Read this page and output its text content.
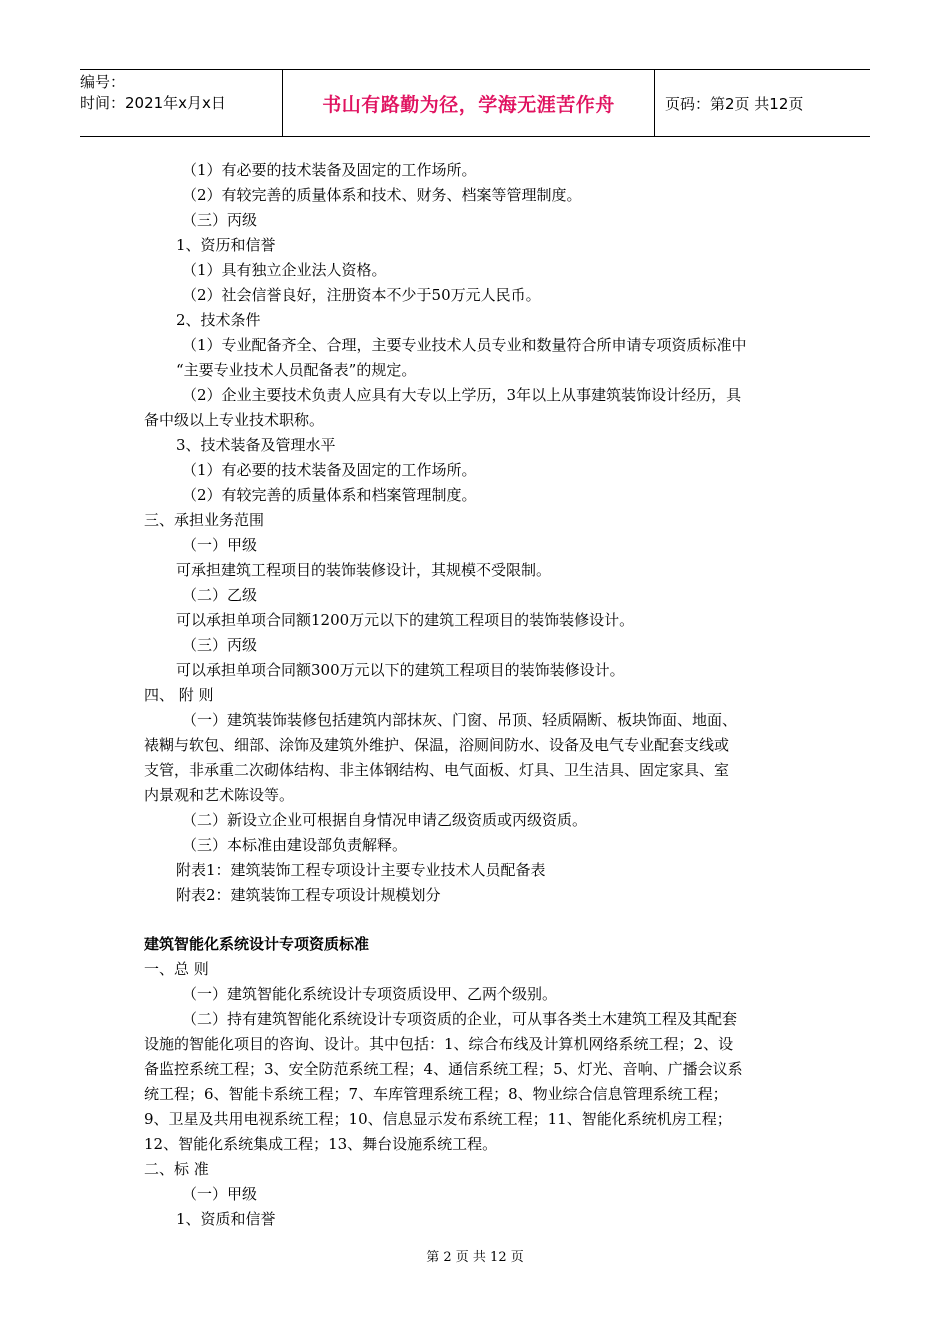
编号：
时间：2021年x月x日	书山有路勤为径，学海无涯苦作舟	页码：第2页 共12页
（1）有必要的技术装备及固定的工作场所。
（2）有较完善的质量体系和技术、财务、档案等管理制度。
（三）丙级
1、资历和信誉
（1）具有独立企业法人资格。
（2）社会信誉良好，注册资本不少于50万元人民币。
2、技术条件
（1）专业配备齐全、合理，主要专业技术人员专业和数量符合所申请专项资质标准中
“主要专业技术人员配备表”的规定。
（2）企业主要技术负责人应具有大专以上学历，3年以上从事建筑装饰设计经历，具
备中级以上专业技术职称。
3、技术装备及管理水平
（1）有必要的技术装备及固定的工作场所。
（2）有较完善的质量体系和档案管理制度。
三、承担业务范围
（一）甲级
可承担建筑工程项目的装饰装修设计，其规模不受限制。
（二）乙级
可以承担单项合同额1200万元以下的建筑工程项目的装饰装修设计。
（三）丙级
可以承担单项合同额300万元以下的建筑工程项目的装饰装修设计。
四、 附 则
（一）建筑装饰装修包括建筑内部抹灰、门窗、吊顶、轻质隔断、板块饰面、地面、
裱糊与软包、细部、涂饰及建筑外维护、保温，浴厕间防水、设备及电气专业配套支线或
支管，非承重二次砌体结构、非主体钢结构、电气面板、灯具、卫生洁具、固定家具、室
内景观和艺术陈设等。
（二）新设立企业可根据自身情况申请乙级资质或丙级资质。
（三）本标准由建设部负责解释。
附表1：建筑装饰工程专项设计主要专业技术人员配备表
附表2：建筑装饰工程专项设计规模划分
建筑智能化系统设计专项资质标准
一、总 则
（一）建筑智能化系统设计专项资质设甲、乙两个级别。
（二）持有建筑智能化系统设计专项资质的企业，可从事各类土木建筑工程及其配套
设施的智能化项目的咨询、设计。其中包括：1、综合布线及计算机网络系统工程；2、设
备监控系统工程；3、安全防范系统工程；4、通信系统工程；5、灯光、音响、广播会议系
统工程；6、智能卡系统工程；7、车库管理系统工程；8、物业综合信息管理系统工程；
9、卫星及共用电视系统工程；10、信息显示发布系统工程；11、智能化系统机房工程；
12、智能化系统集成工程；13、舞台设施系统工程。
二、标 准
（一）甲级
1、资质和信誉
第 2 页 共 12 页
